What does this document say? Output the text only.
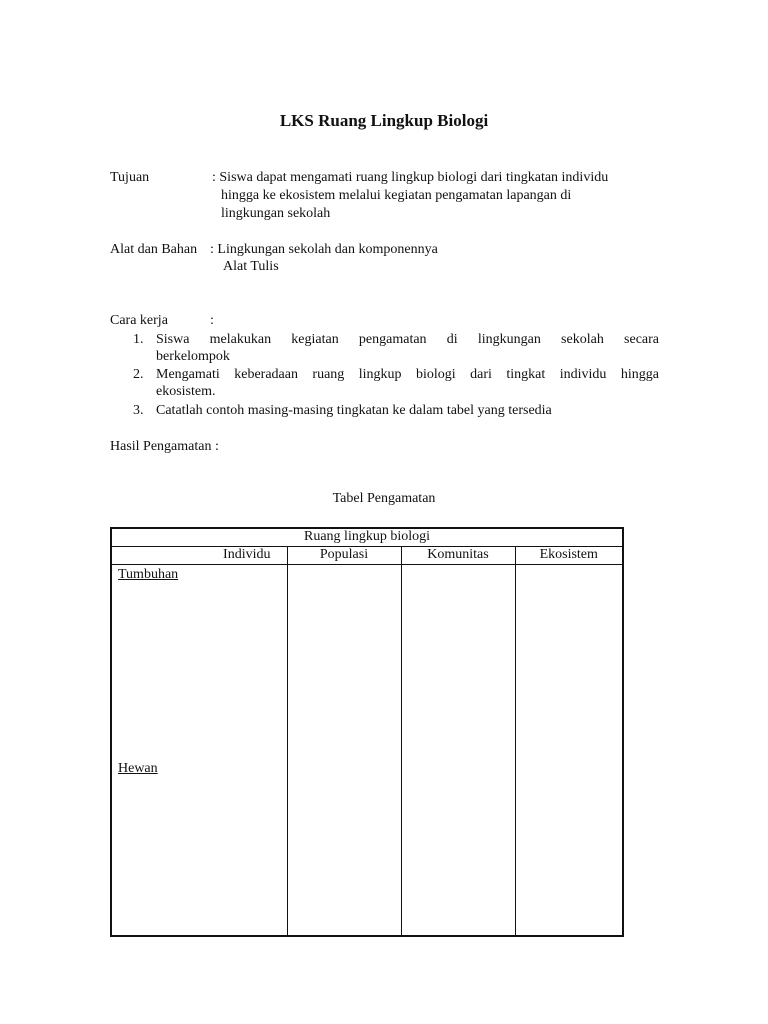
LKS Ruang Lingkup Biologi
Tujuan	: Siswa dapat mengamati ruang lingkup biologi dari tingkatan individu
hingga ke ekosistem melalui kegiatan pengamatan lapangan di
lingkungan sekolah
Alat dan Bahan : Lingkungan sekolah dan komponennya
Alat Tulis
Cara kerja	:
1. Siswa melakukan kegiatan pengamatan di lingkungan sekolah secara
berkelompok
2. Mengamati keberadaan ruang lingkup biologi dari tingkat individu hingga
ekosistem.
3. Catatlah contoh masing-masing tingkatan ke dalam tabel yang tersedia
Hasil Pengamatan :
Tabel Pengamatan
Ruang lingkup biologi			
Individu	Populasi	Komunitas	Ekosistem

Tumbuhan
Hewan			
